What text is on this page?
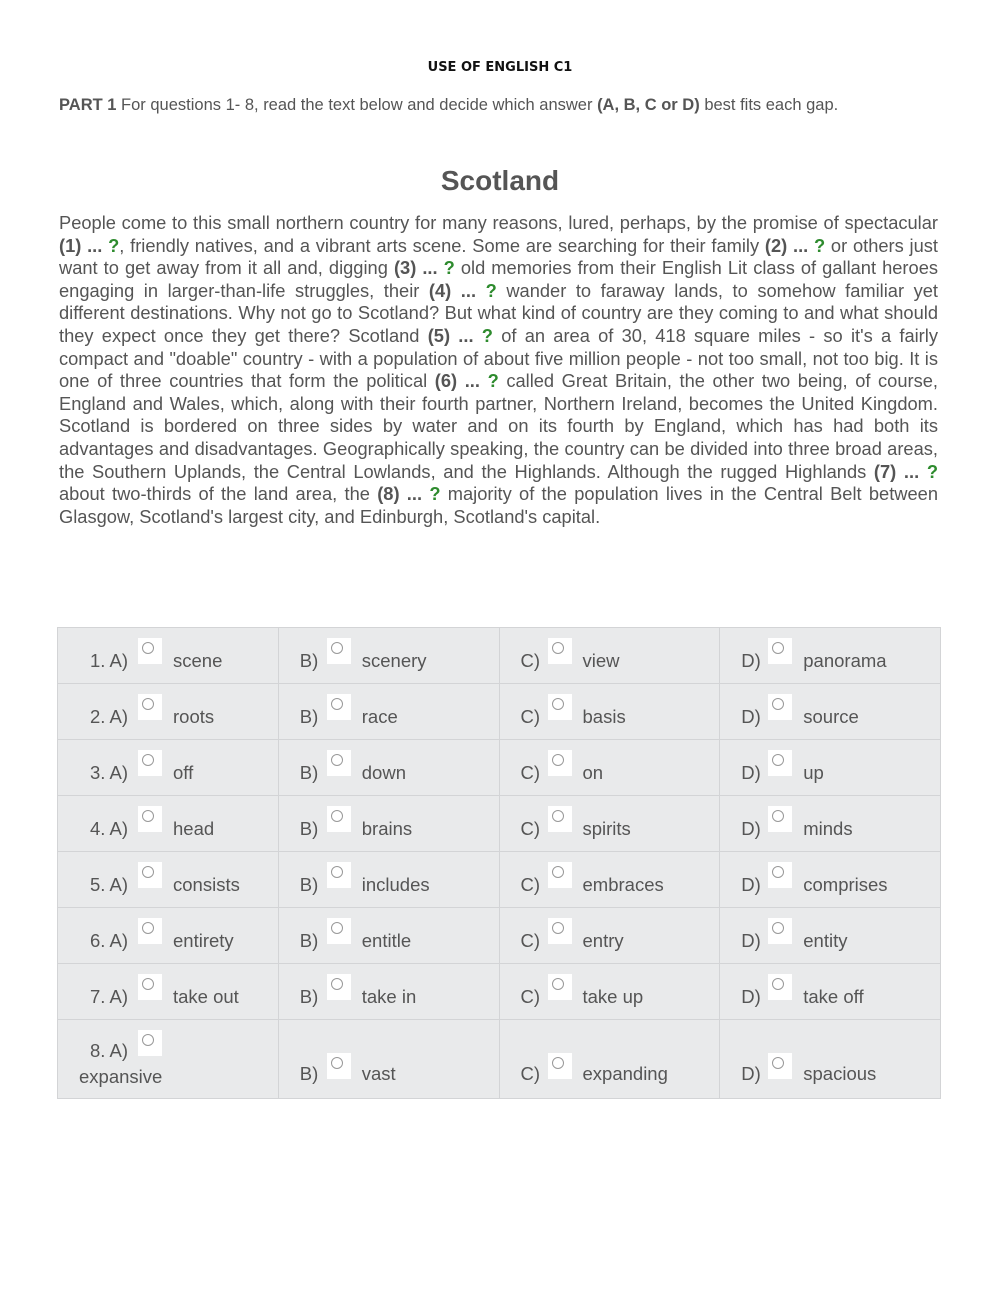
USE OF ENGLISH C1
PART 1 For questions 1- 8, read the text below and decide which answer (A, B, C or D) best fits each gap.
Scotland
People come to this small northern country for many reasons, lured, perhaps, by the promise of spectacular (1) ... ?, friendly natives, and a vibrant arts scene. Some are searching for their family (2) ... ? or others just want to get away from it all and, digging (3) ... ? old memories from their English Lit class of gallant heroes engaging in larger-than-life struggles, their (4) ... ? wander to faraway lands, to somehow familiar yet different destinations. Why not go to Scotland? But what kind of country are they coming to and what should they expect once they get there? Scotland (5) ... ? of an area of 30, 418 square miles - so it's a fairly compact and "doable" country - with a population of about five million people - not too small, not too big. It is one of three countries that form the political (6) ... ? called Great Britain, the other two being, of course, England and Wales, which, along with their fourth partner, Northern Ireland, becomes the United Kingdom. Scotland is bordered on three sides by water and on its fourth by England, which has had both its advantages and disadvantages. Geographically speaking, the country can be divided into three broad areas, the Southern Uplands, the Central Lowlands, and the Highlands. Although the rugged Highlands (7) ... ? about two-thirds of the land area, the (8) ... ? majority of the population lives in the Central Belt between Glasgow, Scotland's largest city, and Edinburgh, Scotland's capital.
1. A) scene	B) scenery	C) view	D) panorama

2. A) roots	B) race	C) basis	D) source

3. A) off	B) down	C) on	D) up

4. A) head	B) brains	C) spirits	D) minds

5. A) consists	B) includes	C) embraces	D) comprises

6. A) entirety	B) entitle	C) entry	D) entity

7. A) take out	B) take in	C) take up	D) take off

8. A)
expansive	B) vast	C) expanding	D) spacious
